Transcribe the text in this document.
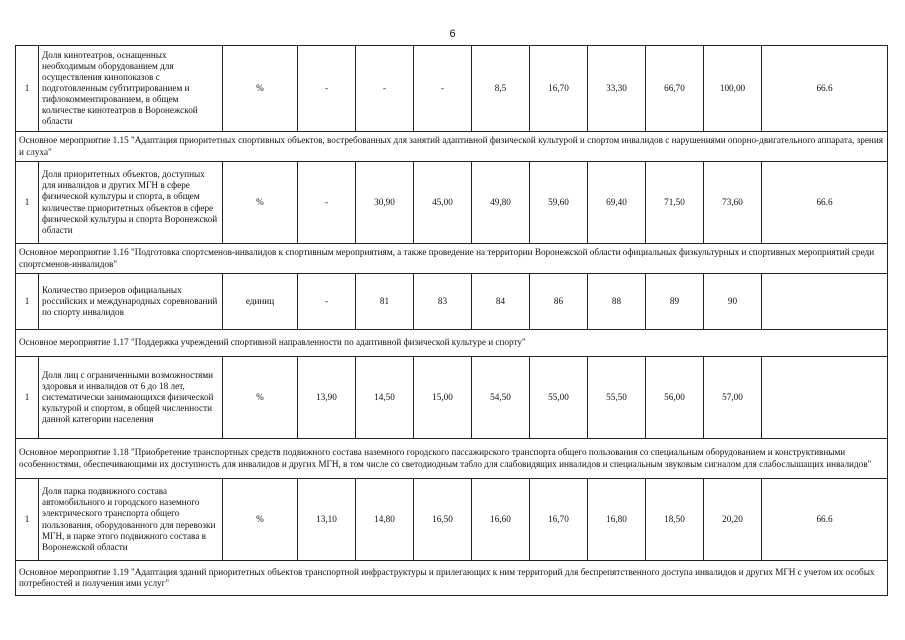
6
1	Доля кинотеатров, оснащенных необходимым оборудованием для осуществления кинопоказов с подготовленным субтитрированием и тифлокомментированием, в общем количестве кинотеатров в Воронежской области	%	-	-	-	8,5	16,70	33,30	66,70	100,00	66.6
Основное мероприятие 1.15 "Адаптация приоритетных спортивных объектов, востребованных для занятий адаптивной физической культурой и спортом инвалидов с нарушениями опорно-двигательного аппарата, зрения и слуха"											
1	Доля приоритетных объектов, доступных для инвалидов и других МГН в сфере физической культуры и спорта, в общем количестве приоритетных объектов в сфере физической культуры и спорта Воронежской области	%	-	30,90	45,00	49,80	59,60	69,40	71,50	73,60	66.6
Основное мероприятие 1.16 "Подготовка спортсменов-инвалидов к спортивным мероприятиям, а также проведение на территории Воронежской области официальных физкультурных и спортивных мероприятий среди спортсменов-инвалидов"											
1	Количество призеров официальных российских и международных соревнований по спорту инвалидов	единиц	-	81	83	84	86	88	89	90	
Основное мероприятие 1.17 "Поддержка учреждений спортивной направленности по адаптивной физической культуре и спорту"											
1	Доля лиц с ограниченными возможностями здоровья и инвалидов от 6 до 18 лет, систематически занимающихся физической культурой и спортом, в общей численности данной категории населения	%	13,90	14,50	15,00	54,50	55,00	55,50	56,00	57,00	
Основное мероприятие 1.18 "Приобретение транспортных средств подвижного состава наземного городского пассажирского транспорта общего пользования со специальным оборудованием и конструктивными особенностями, обеспечивающими их доступность для инвалидов и других МГН, в том числе со светодиодным табло для слабовидящих инвалидов и специальным звуковым сигналом для слабослышащих инвалидов"											
1	Доля парка подвижного состава автомобильного и городского наземного электрического транспорта общего пользования, оборудованного для перевозки МГН, в парке этого подвижного состава в Воронежской области	%	13,10	14,80	16,50	16,60	16,70	16,80	18,50	20,20	66.6
Основное мероприятие 1.19 "Адаптация зданий приоритетных объектов транспортной инфраструктуры и прилегающих к ним территорий для беспрепятственного доступа инвалидов и других МГН с учетом их особых потребностей и получения ими услуг"											
